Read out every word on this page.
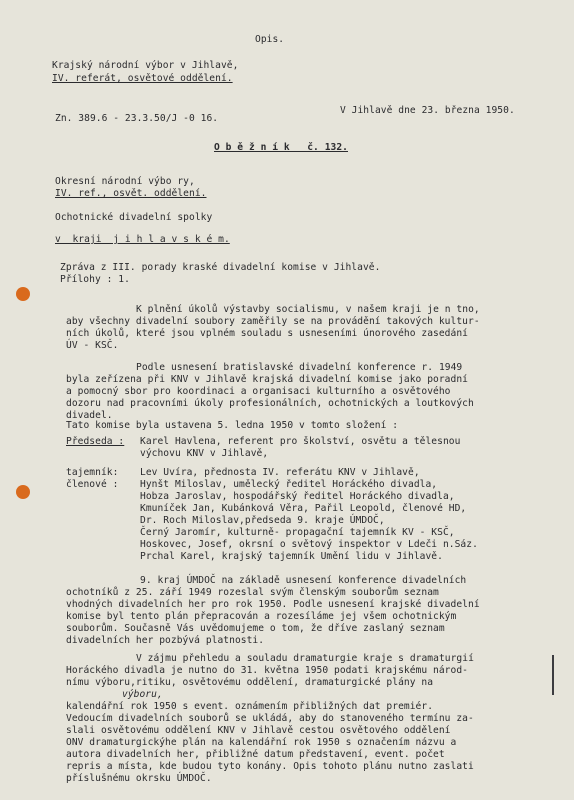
Opis.
Krajský národní výbor v Jihlavě,
IV. referát, osvětové oddělení.
V Jihlavě dne 23. března 1950.
Zn. 389.6 - 23.3.50/J -0 16.
O b ě ž n í k   č. 132.
Okresní národní výbo ry,
IV. ref., osvět. oddělení.
Ochotnické divadelní spolky
v  kraji  j i h l a v s k é m.
Zpráva z III. porady kraské divadelní komise v Jihlavě.
Přílohy : 1.
K plnění úkolů výstavby socialismu, v našem kraji je n tno,
aby všechny divadelní soubory zaměřily se na provádění takových kultur-
ních úkolů, které jsou vplném souladu s usneseními únorového zasedání
ÚV - KSČ.
Podle usnesení bratislavské divadelní konference r. 1949
byla zeřízena při KNV v Jihlavě krajská divadelní komise jako poradní
a pomocný sbor pro koordinaci a organisaci kulturního a osvětového
dozoru nad pracovními úkoly profesionálních, ochotnických a loutkových
divadel.
Tato komise byla ustavena 5. ledna 1950 v tomto složení :
Předseda : Karel Havlena, referent pro školství, osvětu a tělesnou
výchovu KNV v Jihlavě,
tajemník:
členové :
Lev Uvíra, přednosta IV. referátu KNV v Jihlavě,
Hynšt Miloslav, umělecký ředitel Horáckého divadla,
Hobza Jaroslav, hospodářský ředitel Horáckého divadla,
Kmuníček Jan, Kubánková Věra, Pařil Leopold, členové HD,
Dr. Roch Miloslav,předseda 9. kraje ÚMDOČ,
Černý Jaromír, kulturně- propagační tajemník KV - KSČ,
Hoskovec, Josef, okrsní o světový inspektor v Ldeči n.Sáz.
Prchal Karel, krajský tajemník Umění lidu v Jihlavě.
9. kraj ÚMDOČ na základě usnesení konference divadelních
ochotníků z 25. září 1949 rozeslal svým členským souborům seznam
vhodných divadelních her pro rok 1950. Podle usnesení krajské divadelní
komise byl tento plán přepracován a rozesíláme jej všem ochotnickým
souborům. Současně Vás uvědomujeme o tom, že dříve zaslaný seznam
divadelních her pozbývá platnosti.
V zájmu přehledu a souladu dramaturgie kraje s dramaturgií
Horáckého divadla je nutno do 31. května 1950 podati krajskému národ-
nímu výboru,ritiku, osvětovému oddělení, dramaturgické plány na
výboru,
kalendářní rok 1950 s event. oznámením přibližných dat premiér.
Vedoucím divadelních souborů se ukládá, aby do stanoveného termínu za-
slali osvětovému oddělení KNV v Jihlavě cestou osvětového oddělení
ONV dramaturgickýhe plán na kalendářní rok 1950 s označením názvu a
autora divadelních her, přibližné datum představení, event. počet
repris a místa, kde budou tyto konány. Opis tohoto plánu nutno zaslati
příslušnému okrsku ÚMDOČ.
